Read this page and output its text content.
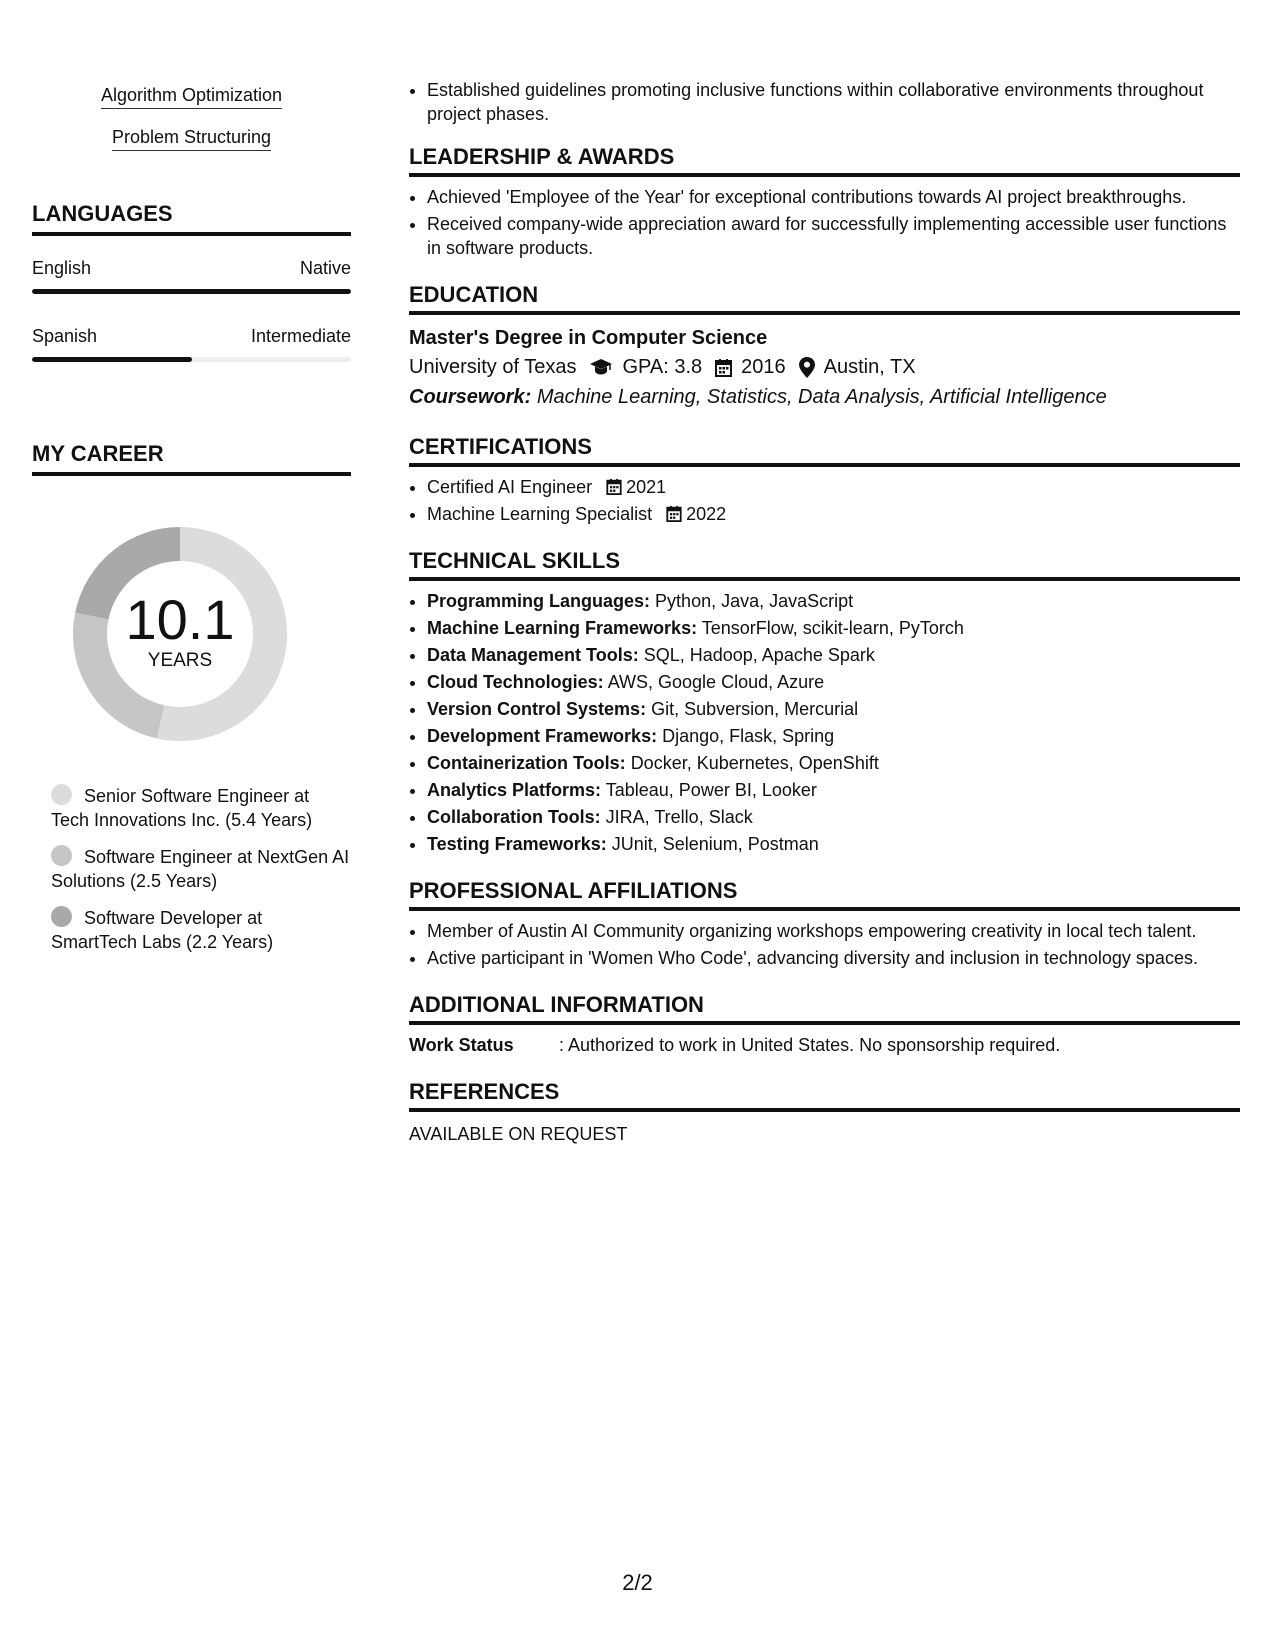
Algorithm Optimization
Problem Structuring
LANGUAGES
English	Native
Spanish	Intermediate
MY CAREER
10.1
YEARS
Senior Software Engineer at Tech Innovations Inc. (5.4 Years)
Software Engineer at NextGen AI Solutions (2.5 Years)
Software Developer at SmartTech Labs (2.2 Years)
• Established guidelines promoting inclusive functions within collaborative environments throughout project phases.
LEADERSHIP & AWARDS
• Achieved 'Employee of the Year' for exceptional contributions towards AI project breakthroughs.
• Received company-wide appreciation award for successfully implementing accessible user functions in software products.
EDUCATION
Master's Degree in Computer Science
University of Texas GPA: 3.8 2016 Austin, TX
Coursework: Machine Learning, Statistics, Data Analysis, Artificial Intelligence
CERTIFICATIONS
• Certified AI Engineer 2021
• Machine Learning Specialist 2022
TECHNICAL SKILLS
• Programming Languages: Python, Java, JavaScript
• Machine Learning Frameworks: TensorFlow, scikit-learn, PyTorch
• Data Management Tools: SQL, Hadoop, Apache Spark
• Cloud Technologies: AWS, Google Cloud, Azure
• Version Control Systems: Git, Subversion, Mercurial
• Development Frameworks: Django, Flask, Spring
• Containerization Tools: Docker, Kubernetes, OpenShift
• Analytics Platforms: Tableau, Power BI, Looker
• Collaboration Tools: JIRA, Trello, Slack
• Testing Frameworks: JUnit, Selenium, Postman
PROFESSIONAL AFFILIATIONS
• Member of Austin AI Community organizing workshops empowering creativity in local tech talent.
• Active participant in 'Women Who Code', advancing diversity and inclusion in technology spaces.
ADDITIONAL INFORMATION
Work Status	: Authorized to work in United States. No sponsorship required.
REFERENCES
AVAILABLE ON REQUEST
2/2
